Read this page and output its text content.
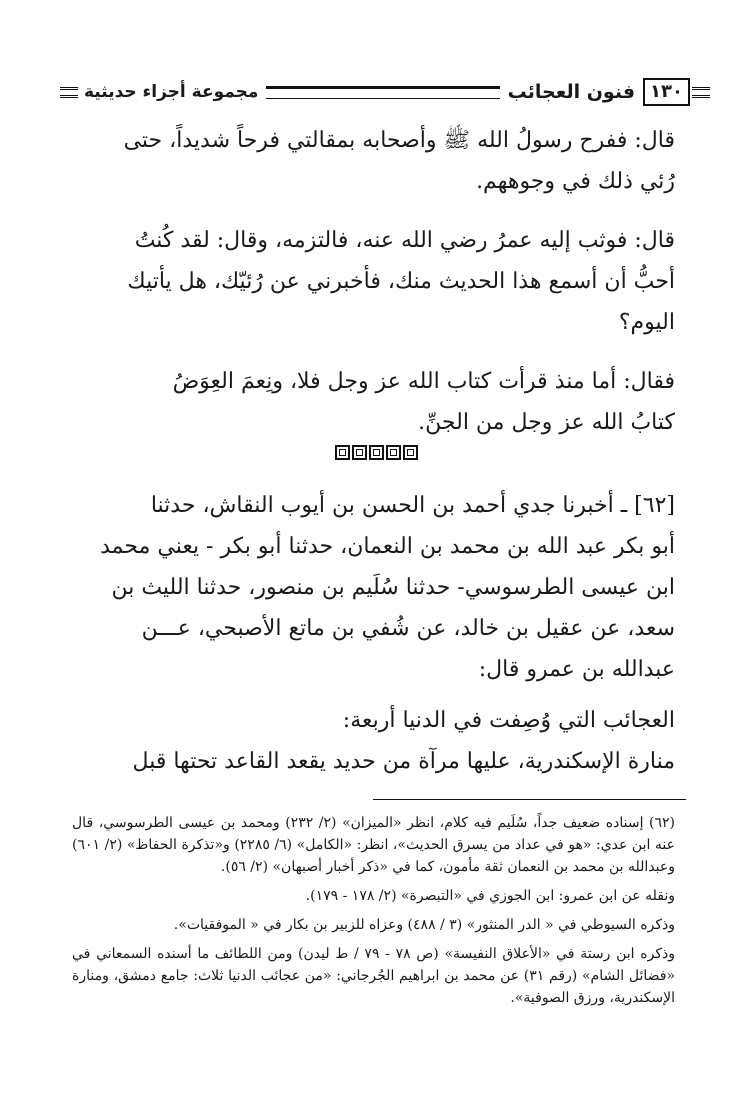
١٣٠
فنون العجائب
مجموعة أجزاء حديثية

قال: ففرح رسولُ الله ﷺ وأصحابه بمقالتي فرحاً شديداً، حتى
رُئي ذلك في وجوههم.

قال: فوثب إليه عمرُ رضي الله عنه، فالتزمه، وقال: لقد كُنتُ
أحبُّ أن أسمع هذا الحديث منك، فأخبرني عن رُئيّك، هل يأتيك
اليوم؟

فقال: أما منذ قرأت كتاب الله عز وجل فلا، ونِعمَ العِوَضُ
كتابُ الله عز وجل من الجنِّ.

[٦٢] ـ أخبرنا جدي أحمد بن الحسن بن أيوب النقاش، حدثنا
أبو بكر عبد الله بن محمد بن النعمان، حدثنا أبو بكر - يعني محمد
ابن عيسى الطرسوسي- حدثنا سُلَيم بن منصور، حدثنا الليث بن
سعد، عن عقيل بن خالد، عن شُفي بن ماتع الأصبحي، عـــن
عبدالله بن عمرو قال:
العجائب التي وُصِفت في الدنيا أربعة:
منارة الإسكندرية، عليها مرآة من حديد يقعد القاعد تحتها قبل

(٦٢) إسناده ضعيف جداً، سُلَيم فيه كلام، انظر «الميزان» (٢/ ٢٣٢) ومحمد بن عيسى الطرسوسي، قال عنه ابن عدي: «هو في عداد من يسرق الحديث»، انظر: «الكامل» (٦/ ٢٢٨٥) و«تذكرة الحفاظ» (٢/ ٦٠١) وعبدالله بن محمد بن النعمان ثقة مأمون، كما في «ذكر أخبار أصبهان» (٢/ ٥٦).

ونقله عن ابن عمرو: ابن الجوزي في «التبصرة» (٢/ ١٧٨ - ١٧٩).

وذكره السيوطي في « الدر المنثور» (٣ / ٤٨٨) وعزاه للزبير بن بكار في « الموفقيات».

وذكره ابن رستة في «الأعلاق النفيسة» (ص ٧٨ - ٧٩ / ط ليدن) ومن اللطائف ما أسنده السمعاني في «فضائل الشام» (رقم ٣١) عن محمد بن ابراهيم الجُرجاني: «من عجائب الدنيا ثلاث: جامع دمشق، ومنارة الإسكندرية، ورزق الصوفية».
